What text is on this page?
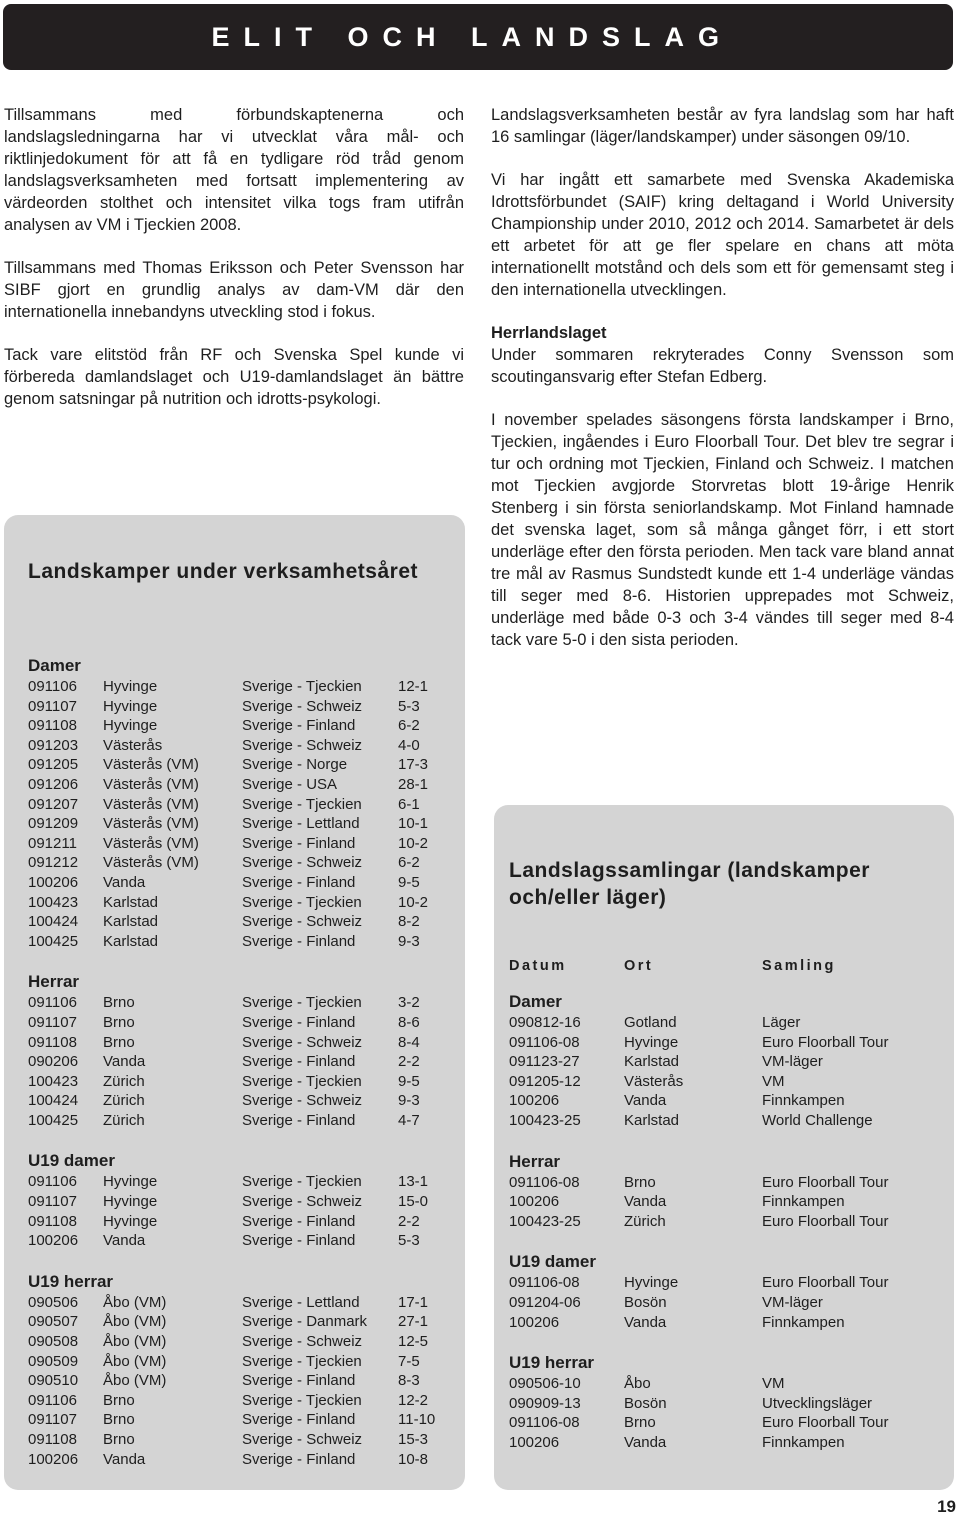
ELIT OCH LANDSLAG

Tillsammans med förbundskaptenerna och landslagsledningarna har vi utvecklat våra mål- och riktlinjedokument för att få en tydligare röd tråd genom landslagsverksamheten med fortsatt implementering av värdeorden stolthet och intensitet vilka togs fram utifrån analysen av VM i Tjeckien 2008.

Tillsammans med Thomas Eriksson och Peter Svensson har SIBF gjort en grundlig analys av dam-VM där den internationella innebandyns utveckling stod i fokus.

Tack vare elitstöd från RF och Svenska Spel kunde vi förbereda damlandslaget och U19-damlandslaget än bättre genom satsningar på nutrition och idrotts-psykologi.

Landslagsverksamheten består av fyra landslag som har haft 16 samlingar (läger/landskamper) under säsongen 09/10.

Vi har ingått ett samarbete med Svenska Akademiska Idrottsförbundet (SAIF) kring deltagand i World University Championship under 2010, 2012 och 2014. Samarbetet är dels ett arbetet för att ge fler spelare en chans att möta internationellt motstånd och dels som ett för gemensamt steg i den internationella utvecklingen.

Herrlandslaget
Under sommaren rekryterades Conny Svensson som scoutingansvarig efter Stefan Edberg.

I november spelades säsongens första landskamper i Brno, Tjeckien, ingåendes i Euro Floorball Tour. Det blev tre segrar i tur och ordning mot Tjeckien, Finland och Schweiz. I matchen mot Tjeckien avgjorde Storvretas blott 19-årige Henrik Stenberg i sin första seniorlandskamp. Mot Finland hamnade det svenska laget, som så många gånget förr, i ett stort underläge efter den första perioden. Men tack vare bland annat tre mål av Rasmus Sundstedt kunde ett 1-4 underläge vändas till seger med 8-6. Historien upprepades mot Schweiz, underläge med både 0-3 och 3-4 vändes till seger med 8-4 tack vare 5-0 i den sista perioden.

Landskamper under verksamhetsåret
Damer
091106	Hyvinge	Sverige - Tjeckien	12-1
091107	Hyvinge	Sverige - Schweiz	5-3
091108	Hyvinge	Sverige - Finland	6-2
091203	Västerås	Sverige - Schweiz	4-0
091205	Västerås (VM)	Sverige - Norge	17-3
091206	Västerås (VM)	Sverige - USA	28-1
091207	Västerås (VM)	Sverige - Tjeckien	6-1
091209	Västerås (VM)	Sverige - Lettland	10-1
091211	Västerås (VM)	Sverige - Finland	10-2
091212	Västerås (VM)	Sverige - Schweiz	6-2
100206	Vanda	Sverige - Finland	9-5
100423	Karlstad	Sverige - Tjeckien	10-2
100424	Karlstad	Sverige - Schweiz	8-2
100425	Karlstad	Sverige - Finland	9-3
Herrar
091106	Brno	Sverige - Tjeckien	3-2
091107	Brno	Sverige - Finland	8-6
091108	Brno	Sverige - Schweiz	8-4
090206	Vanda	Sverige - Finland	2-2
100423	Zürich	Sverige - Tjeckien	9-5
100424	Zürich	Sverige - Schweiz	9-3
100425	Zürich	Sverige - Finland	4-7
U19 damer
091106	Hyvinge	Sverige - Tjeckien	13-1
091107	Hyvinge	Sverige - Schweiz	15-0
091108	Hyvinge	Sverige - Finland	2-2
100206	Vanda	Sverige - Finland	5-3
U19 herrar
090506	Åbo (VM)	Sverige - Lettland	17-1
090507	Åbo (VM)	Sverige - Danmark	27-1
090508	Åbo (VM)	Sverige - Schweiz	12-5
090509	Åbo (VM)	Sverige - Tjeckien	7-5
090510	Åbo (VM)	Sverige - Finland	8-3
091106	Brno	Sverige - Tjeckien	12-2
091107	Brno	Sverige - Finland	11-10
091108	Brno	Sverige - Schweiz	15-3
100206	Vanda	Sverige - Finland	10-8
Landslagssamlingar (landskamper och/eller läger)
Datum	Ort	Samling
Damer
090812-16	Gotland	Läger
091106-08	Hyvinge	Euro Floorball Tour
091123-27	Karlstad	VM-läger
091205-12	Västerås	VM
100206	Vanda	Finnkampen
100423-25	Karlstad	World Challenge
Herrar
091106-08	Brno	Euro Floorball Tour
100206	Vanda	Finnkampen
100423-25	Zürich	Euro Floorball Tour
U19 damer
091106-08	Hyvinge	Euro Floorball Tour
091204-06	Bosön	VM-läger
100206	Vanda	Finnkampen
U19 herrar
090506-10	Åbo	VM
090909-13	Bosön	Utvecklingsläger
091106-08	Brno	Euro Floorball Tour
100206	Vanda	Finnkampen
19
